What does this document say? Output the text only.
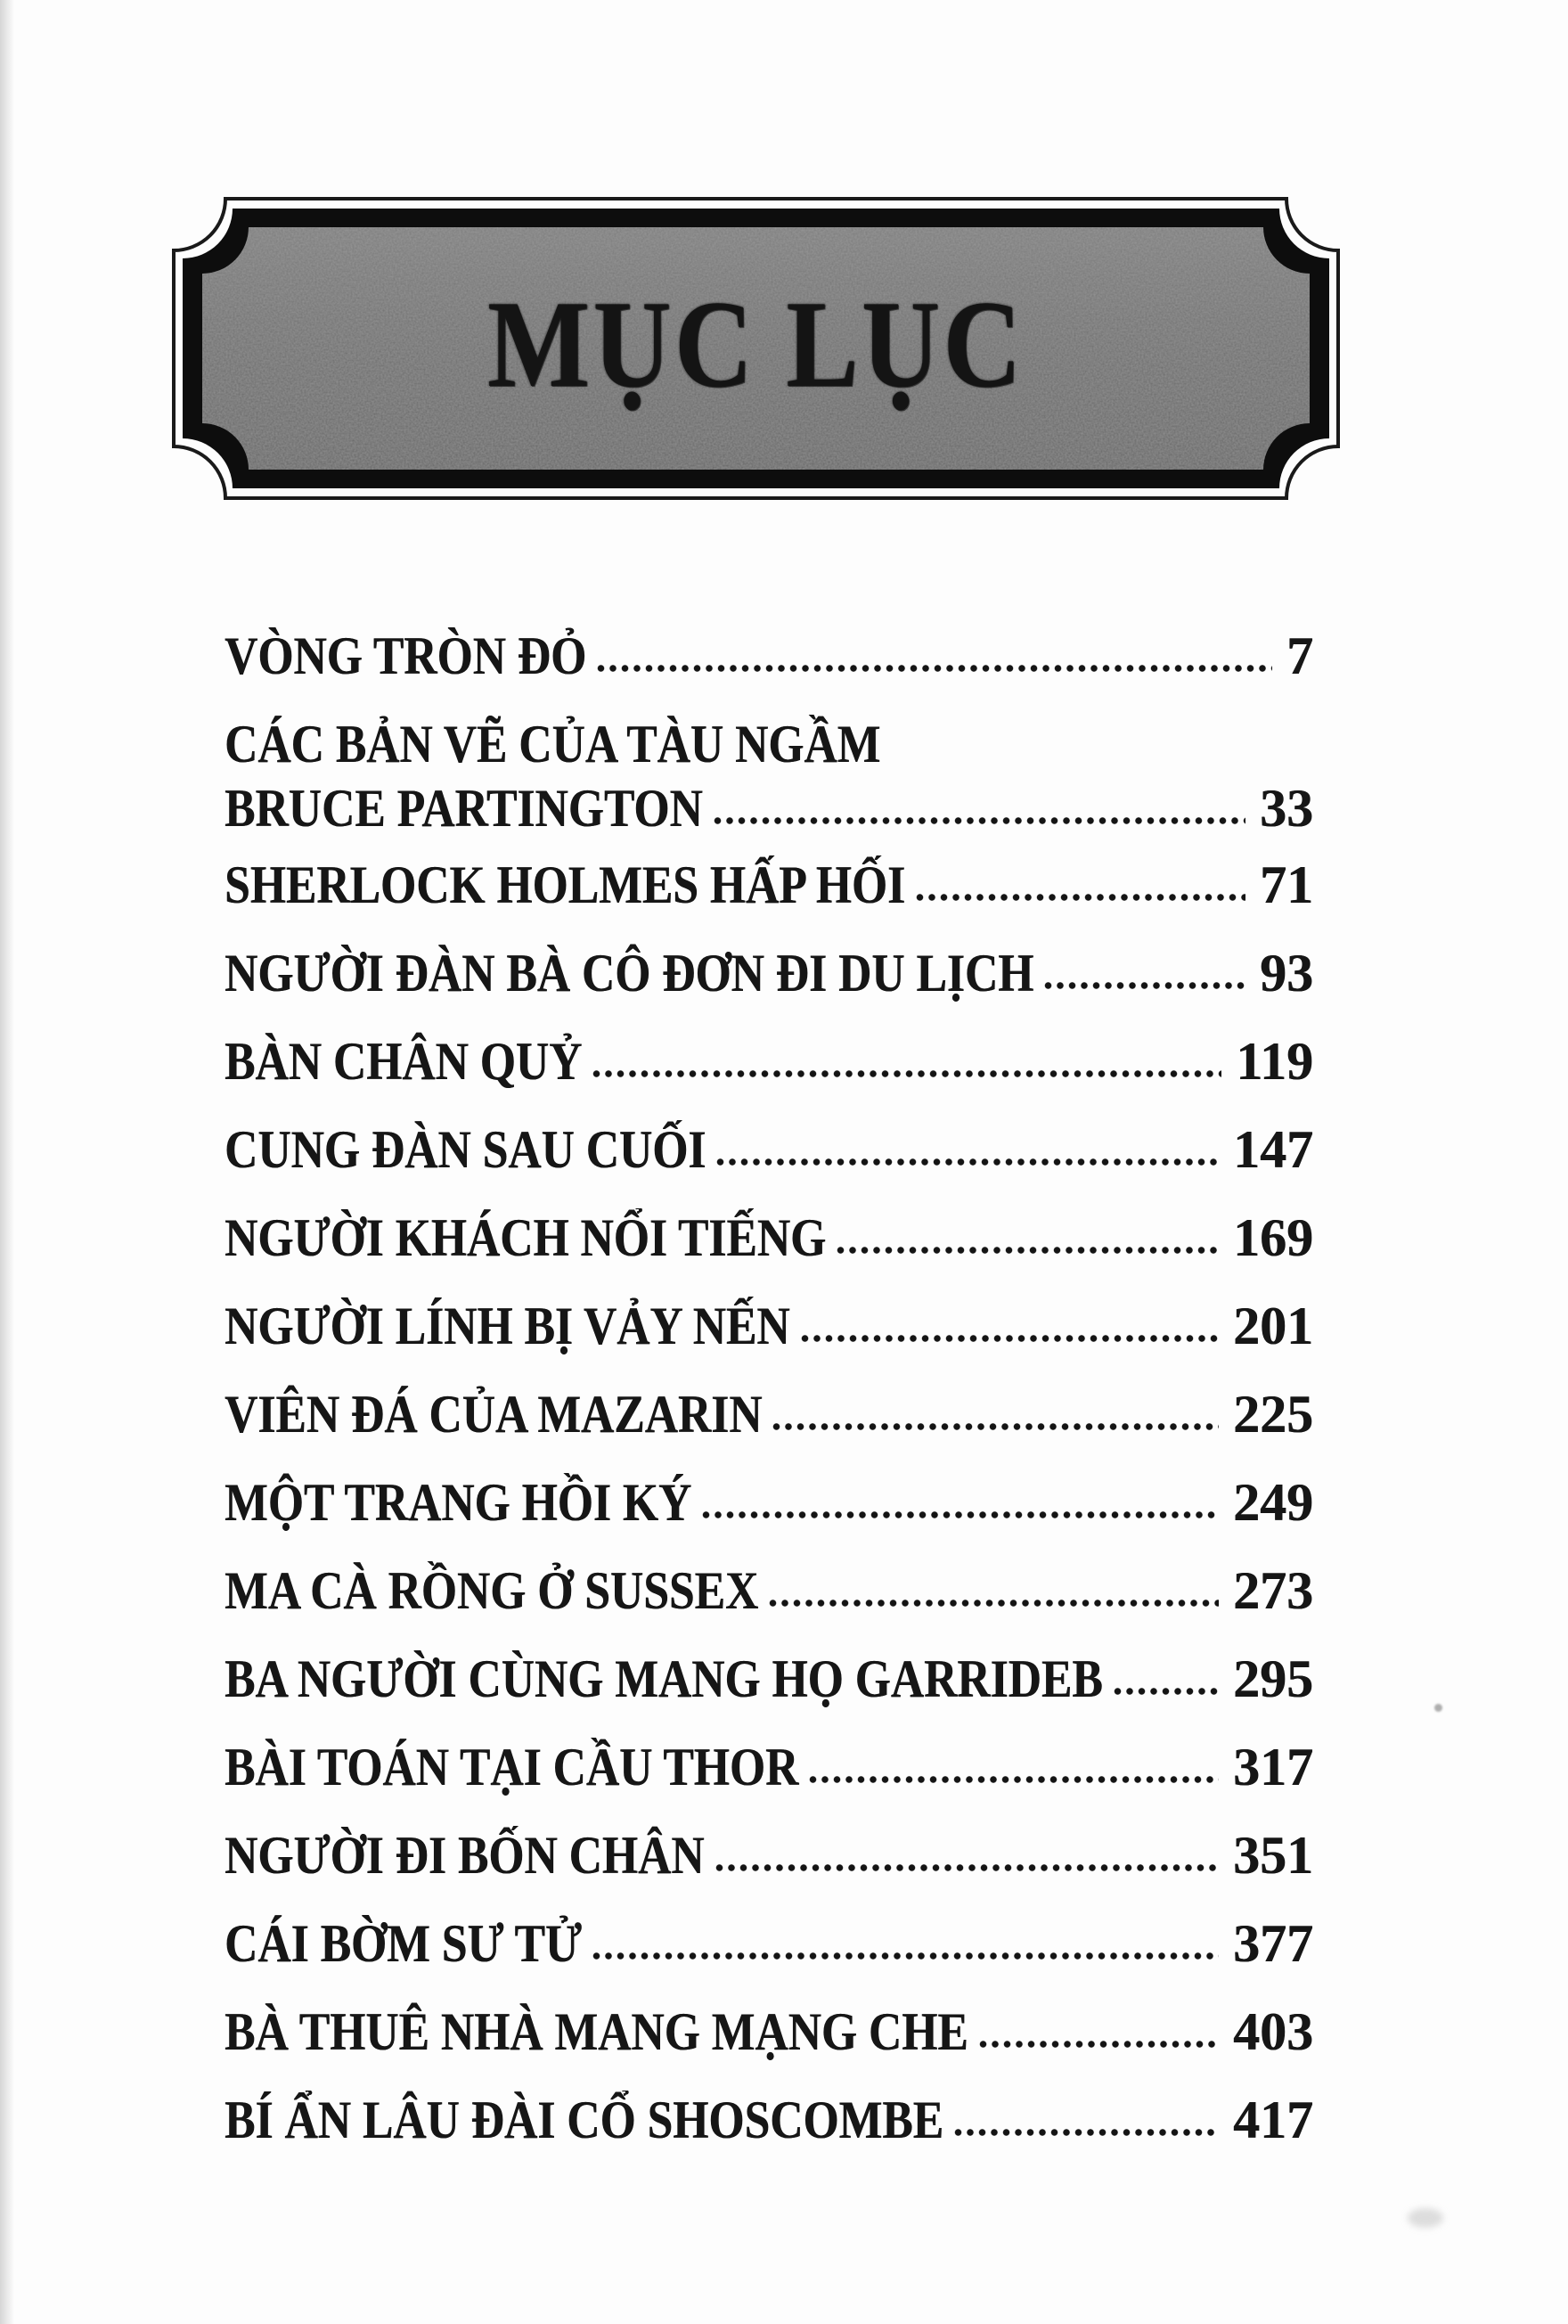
MỤC LỤC
VÒNG TRÒN ĐỎ	7
CÁC BẢN VẼ CỦA TÀU NGẦM
BRUCE PARTINGTON	33
SHERLOCK HOLMES HẤP HỐI	71
NGƯỜI ĐÀN BÀ CÔ ĐƠN ĐI DU LỊCH	93
BÀN CHÂN QUỶ	119
CUNG ĐÀN SAU CUỐI	147
NGƯỜI KHÁCH NỔI TIẾNG	169
NGƯỜI LÍNH BỊ VẢY NẾN	201
VIÊN ĐÁ CỦA MAZARIN	225
MỘT TRANG HỒI KÝ	249
MA CÀ RỒNG Ở SUSSEX	273
BA NGƯỜI CÙNG MANG HỌ GARRIDEB 295
BÀI TOÁN TẠI CẦU THOR	317
NGƯỜI ĐI BỐN CHÂN	351
CÁI BỜM SƯ TỬ	377
BÀ THUÊ NHÀ MANG MẠNG CHE	403
BÍ ẨN LÂU ĐÀI CỔ SHOSCOMBE	417
